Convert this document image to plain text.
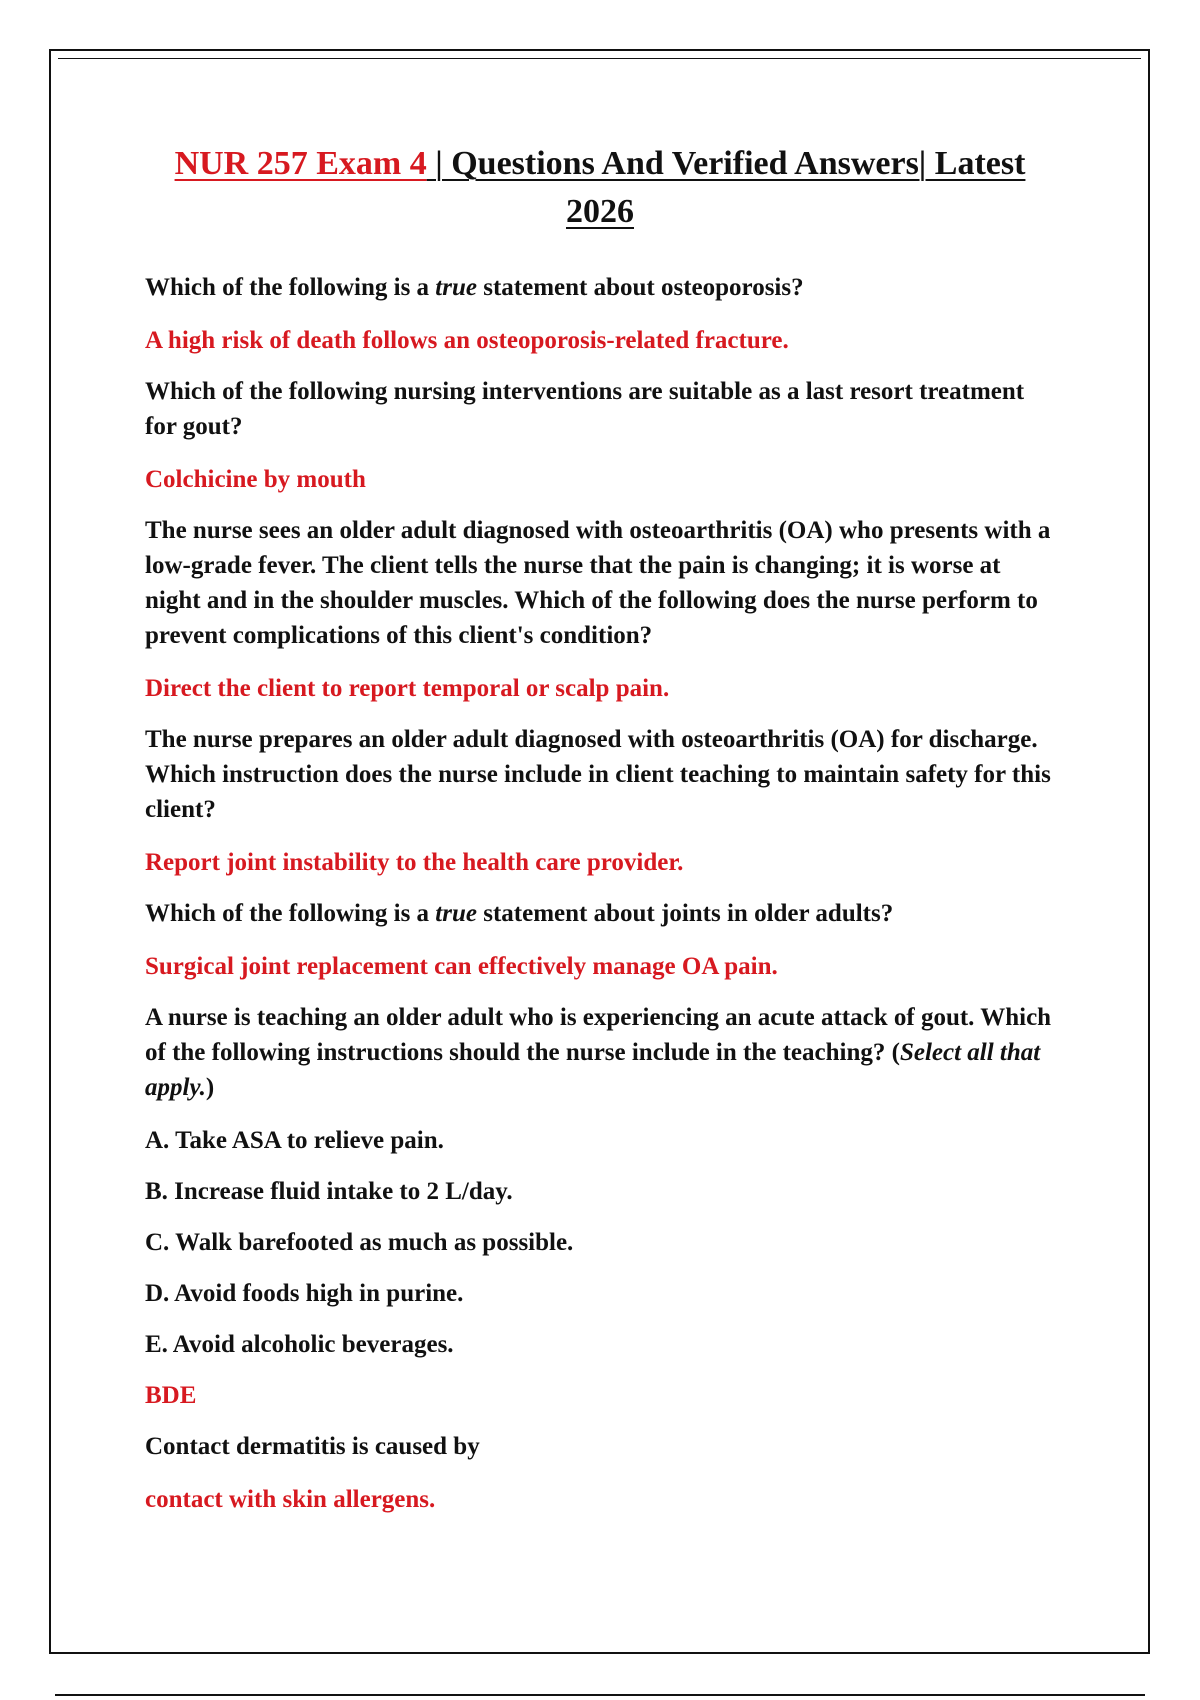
NUR 257 Exam 4 | Questions And Verified Answers| Latest
2026

Which of the following is a true statement about osteoporosis?

A high risk of death follows an osteoporosis-related fracture.

Which of the following nursing interventions are suitable as a last resort treatment for gout?

Colchicine by mouth

The nurse sees an older adult diagnosed with osteoarthritis (OA) who presents with a low-grade fever. The client tells the nurse that the pain is changing; it is worse at night and in the shoulder muscles. Which of the following does the nurse perform to prevent complications of this client's condition?

Direct the client to report temporal or scalp pain.

The nurse prepares an older adult diagnosed with osteoarthritis (OA) for discharge. Which instruction does the nurse include in client teaching to maintain safety for this client?

Report joint instability to the health care provider.

Which of the following is a true statement about joints in older adults?

Surgical joint replacement can effectively manage OA pain.

A nurse is teaching an older adult who is experiencing an acute attack of gout. Which of the following instructions should the nurse include in the teaching? (Select all that apply.)

A. Take ASA to relieve pain.

B. Increase fluid intake to 2 L/day.

C. Walk barefooted as much as possible.

D. Avoid foods high in purine.

E. Avoid alcoholic beverages.

BDE

Contact dermatitis is caused by

contact with skin allergens.
